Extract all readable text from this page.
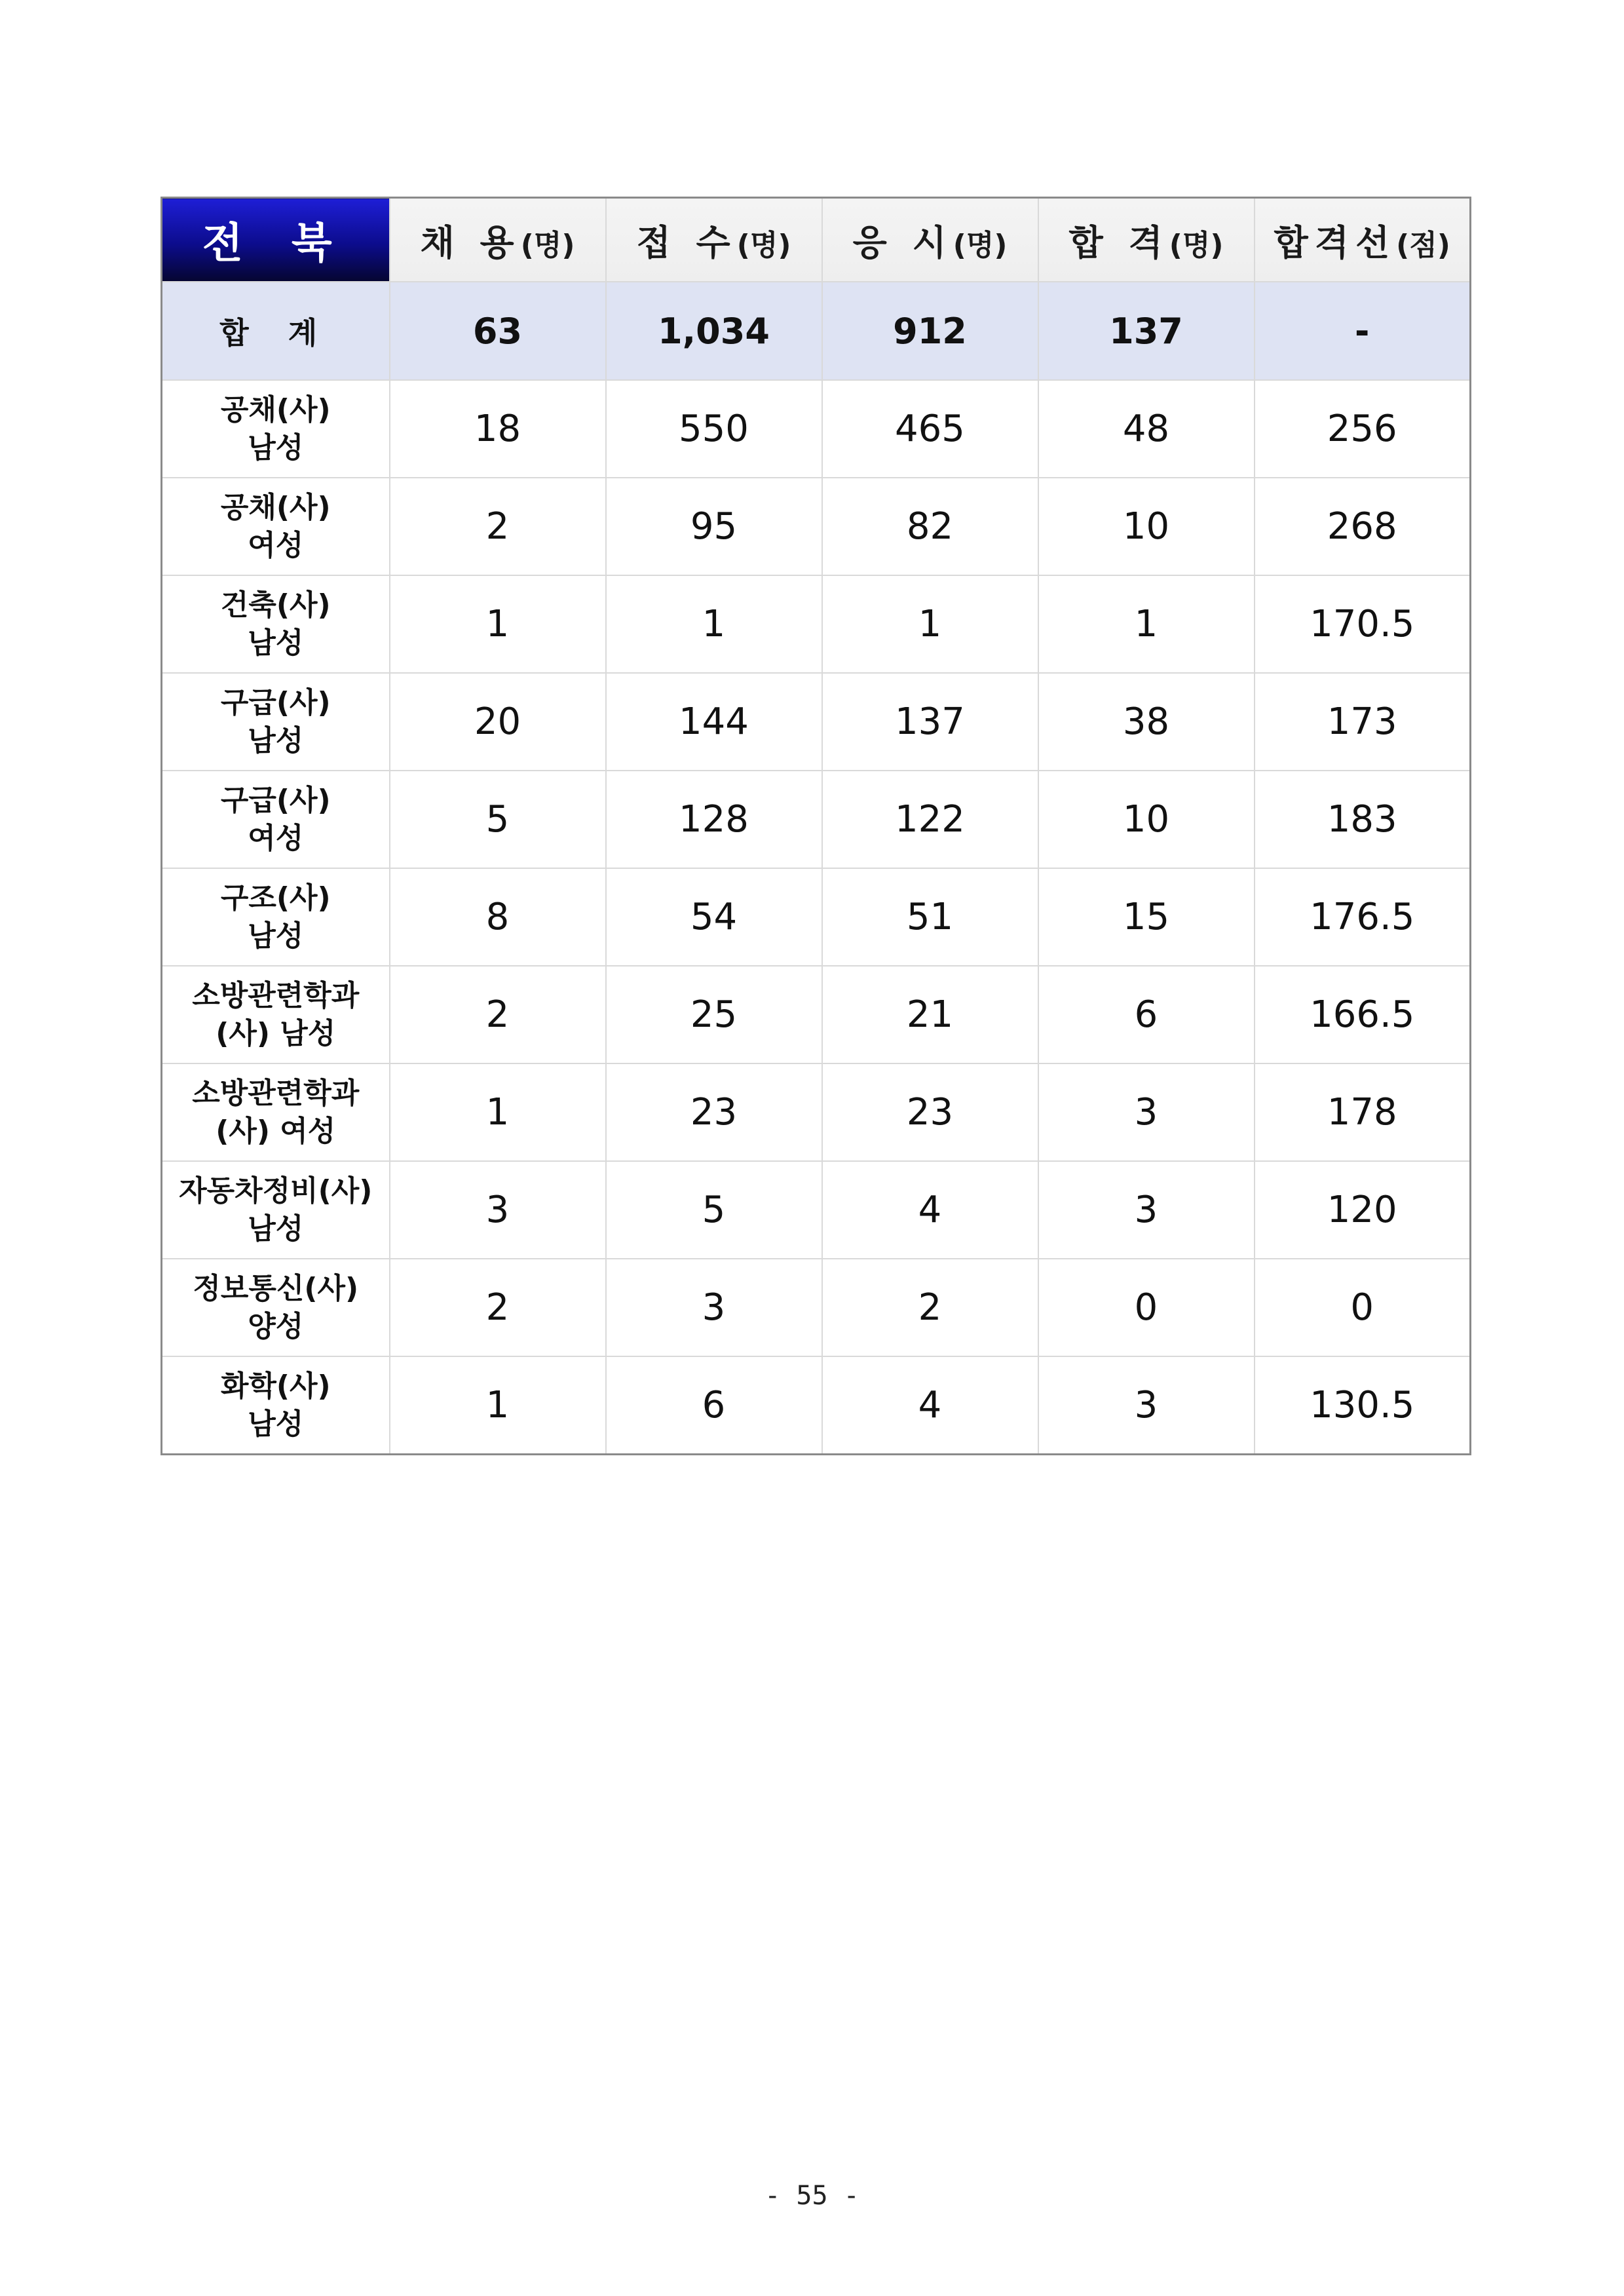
전 북	채 용(명)	접 수(명)	응 시(명)	합 격(명)	합격선(점)
합 계	63	1,034	912	137	-

공채(사)
남성	18	550	465	48	256

공채(사)
여성	2	95	82	10	268

건축(사)
남성	1	1	1	1	170.5

구급(사)
남성	20	144	137	38	173

구급(사)
여성	5	128	122	10	183

구조(사)
남성	8	54	51	15	176.5

소방관련학과
(사) 남성	2	25	21	6	166.5

소방관련학과
(사) 여성	1	23	23	3	178

자동차정비(사)
남성	3	5	4	3	120

정보통신(사)
양성	2	3	2	0	0

화학(사)
남성	1	6	4	3	130.5
- 55 -
